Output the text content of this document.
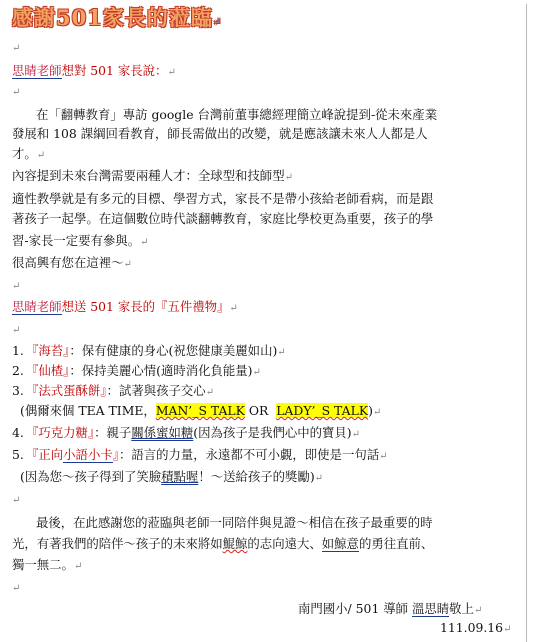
感謝501家長的蒞臨↵
↵
思睛老師想對 501 家長說：↵
↵
在「翻轉教育」專訪 google 台灣前董事總經理簡立峰說提到-從未來產業
發展和 108 課綱回看教育，師長需做出的改變，就是應該讓未來人人都是人
才。↵
內容提到未來台灣需要兩種人才：全球型和技師型↵
適性教學就是有多元的目標、學習方式，家長不是帶小孩給老師看病，而是跟
著孩子一起學。在這個數位時代談翻轉教育，家庭比學校更為重要，孩子的學
習-家長一定要有參與。↵
很高興有您在這裡～↵
↵
思睛老師想送 501 家長的『五件禮物』↵
↵
1. 『海苔』：保有健康的身心(祝您健康美麗如山)↵
2. 『仙楂』：保持美麗心情(適時消化負能量)↵
3. 『法式蛋酥餅』：試著與孩子交心↵
(偶爾來個 TEA TIME，MAN’_S TALK OR  LADY’_S TALK)↵
4. 『巧克力糖』：親子關係蜜如糖(因為孩子是我們心中的寶貝)↵
5. 『正向小語小卡』：語言的力量，永遠都不可小覷，即使是一句話↵
(因為您～孩子得到了笑臉積點喔！～送給孩子的獎勵)↵
↵
最後，在此感謝您的蒞臨與老師一同陪伴與見證～相信在孩子最重要的時
光，有著我們的陪伴～孩子的未來將如鯤鯨的志向遠大、如鯨意的勇往直前、
獨一無二。↵
↵
南門國小/ 501 導師 溫思睛敬上↵
111.09.16↵
